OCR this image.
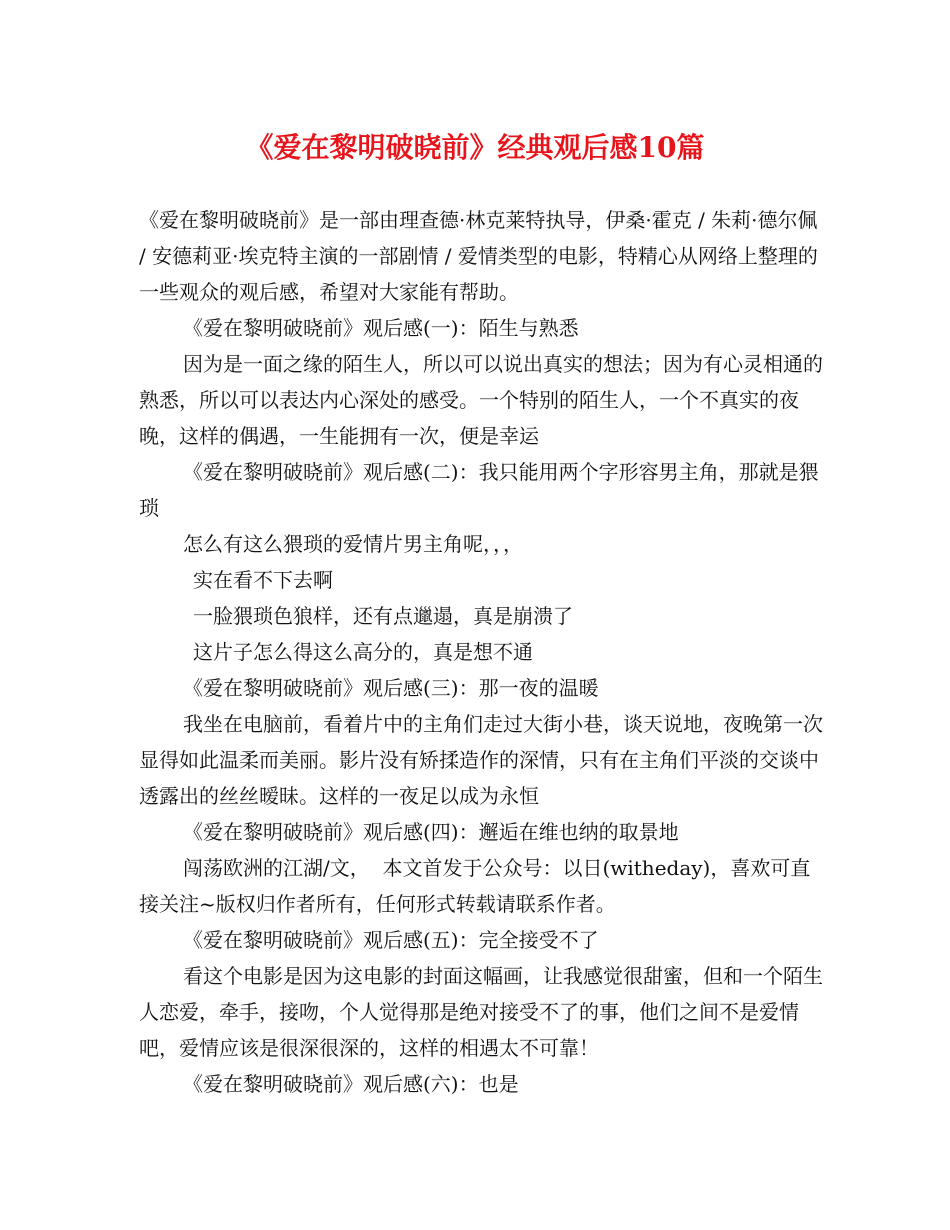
《爱在黎明破晓前》经典观后感10篇

《爱在黎明破晓前》是一部由理查德·林克莱特执导，伊桑·霍克 / 朱莉·德尔佩 / 安德莉亚·埃克特主演的一部剧情 / 爱情类型的电影，特精心从网络上整理的一些观众的观后感，希望对大家能有帮助。

《爱在黎明破晓前》观后感(一)：陌生与熟悉

因为是一面之缘的陌生人，所以可以说出真实的想法；因为有心灵相通的熟悉，所以可以表达内心深处的感受。一个特别的陌生人，一个不真实的夜晚，这样的偶遇，一生能拥有一次，便是幸运

《爱在黎明破晓前》观后感(二)：我只能用两个字形容男主角，那就是猥琐

怎么有这么猥琐的爱情片男主角呢，，，

实在看不下去啊

一脸猥琐色狼样，还有点邋遢，真是崩溃了

这片子怎么得这么高分的，真是想不通

《爱在黎明破晓前》观后感(三)：那一夜的温暖

我坐在电脑前，看着片中的主角们走过大街小巷，谈天说地，夜晚第一次显得如此温柔而美丽。影片没有矫揉造作的深情，只有在主角们平淡的交谈中透露出的丝丝暧昧。这样的一夜足以成为永恒

《爱在黎明破晓前》观后感(四)：邂逅在维也纳的取景地

闯荡欧洲的江湖/文，  本文首发于公众号：以日(witheday)，喜欢可直接关注~版权归作者所有，任何形式转载请联系作者。

《爱在黎明破晓前》观后感(五)：完全接受不了

看这个电影是因为这电影的封面这幅画，让我感觉很甜蜜，但和一个陌生人恋爱，牵手，接吻，个人觉得那是绝对接受不了的事，他们之间不是爱情吧，爱情应该是很深很深的，这样的相遇太不可靠！

《爱在黎明破晓前》观后感(六)：也是
